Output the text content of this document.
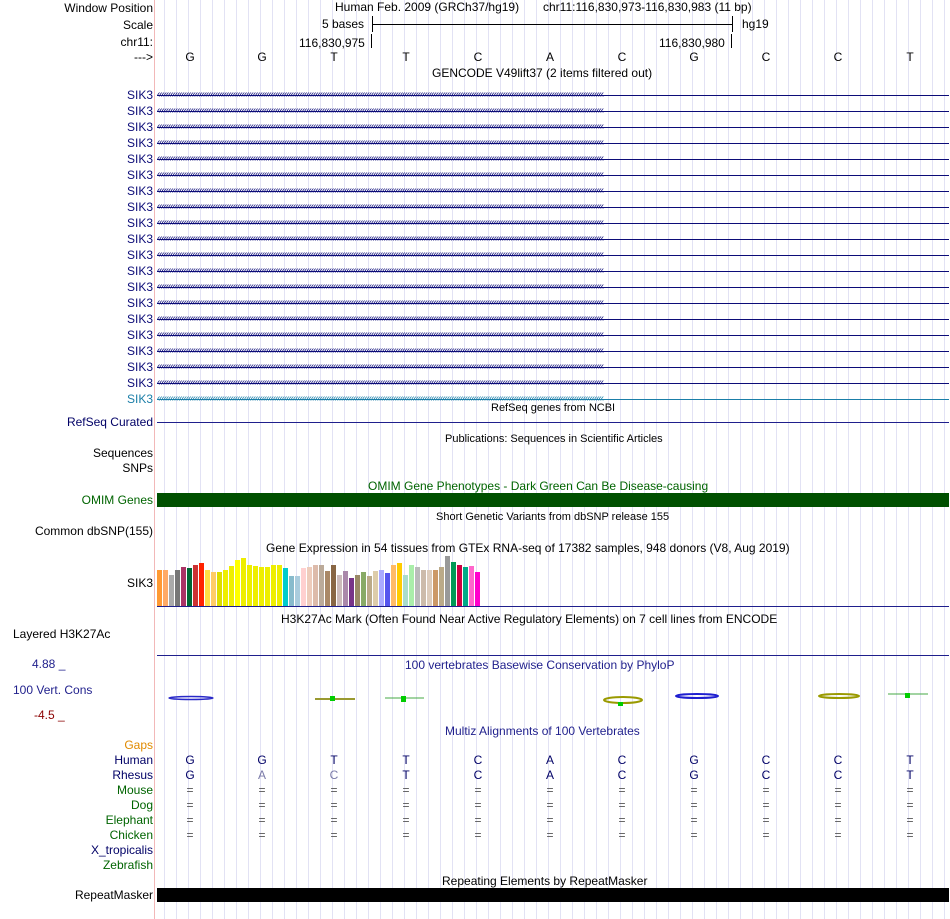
Window Position
Scale
chr11:
--->
Human Feb. 2009 (GRCh37/hg19) chr11:116,830,973-116,830,983 (11 bp)
5 bases	hg19
116,830,975	116,830,980
G	G	T	T	C	A	C	G	C	C	T
GENCODE V49lift37 (2 items filtered out)
SIK3 ‹‹‹‹‹‹‹‹‹‹‹‹‹‹‹‹‹‹‹‹‹‹‹‹‹‹‹‹‹‹‹‹‹‹‹‹‹‹‹‹‹‹‹‹‹‹‹‹‹‹‹‹‹‹‹‹‹‹‹‹‹‹‹‹‹‹‹‹‹‹‹‹‹‹‹‹‹‹‹‹‹‹‹‹‹‹‹‹‹‹‹‹‹‹‹‹‹‹‹‹‹‹‹‹‹‹‹‹‹‹‹‹‹‹‹‹‹‹‹‹‹‹‹‹‹‹‹‹‹‹‹‹‹‹‹‹‹‹‹‹‹‹‹‹‹‹‹‹‹‹‹‹‹‹‹‹‹‹‹‹‹‹‹‹‹‹‹‹‹‹‹‹‹‹‹‹‹‹‹‹‹‹‹‹‹‹‹‹‹‹‹‹‹‹‹‹‹‹‹‹
SIK3 ‹‹‹‹‹‹‹‹‹‹‹‹‹‹‹‹‹‹‹‹‹‹‹‹‹‹‹‹‹‹‹‹‹‹‹‹‹‹‹‹‹‹‹‹‹‹‹‹‹‹‹‹‹‹‹‹‹‹‹‹‹‹‹‹‹‹‹‹‹‹‹‹‹‹‹‹‹‹‹‹‹‹‹‹‹‹‹‹‹‹‹‹‹‹‹‹‹‹‹‹‹‹‹‹‹‹‹‹‹‹‹‹‹‹‹‹‹‹‹‹‹‹‹‹‹‹‹‹‹‹‹‹‹‹‹‹‹‹‹‹‹‹‹‹‹‹‹‹‹‹‹‹‹‹‹‹‹‹‹‹‹‹‹‹‹‹‹‹‹‹‹‹‹‹‹‹‹‹‹‹‹‹‹‹‹‹‹‹‹‹‹‹‹‹‹‹‹‹‹‹
SIK3 ‹‹‹‹‹‹‹‹‹‹‹‹‹‹‹‹‹‹‹‹‹‹‹‹‹‹‹‹‹‹‹‹‹‹‹‹‹‹‹‹‹‹‹‹‹‹‹‹‹‹‹‹‹‹‹‹‹‹‹‹‹‹‹‹‹‹‹‹‹‹‹‹‹‹‹‹‹‹‹‹‹‹‹‹‹‹‹‹‹‹‹‹‹‹‹‹‹‹‹‹‹‹‹‹‹‹‹‹‹‹‹‹‹‹‹‹‹‹‹‹‹‹‹‹‹‹‹‹‹‹‹‹‹‹‹‹‹‹‹‹‹‹‹‹‹‹‹‹‹‹‹‹‹‹‹‹‹‹‹‹‹‹‹‹‹‹‹‹‹‹‹‹‹‹‹‹‹‹‹‹‹‹‹‹‹‹‹‹‹‹‹‹‹‹‹‹‹‹‹‹
SIK3 ‹‹‹‹‹‹‹‹‹‹‹‹‹‹‹‹‹‹‹‹‹‹‹‹‹‹‹‹‹‹‹‹‹‹‹‹‹‹‹‹‹‹‹‹‹‹‹‹‹‹‹‹‹‹‹‹‹‹‹‹‹‹‹‹‹‹‹‹‹‹‹‹‹‹‹‹‹‹‹‹‹‹‹‹‹‹‹‹‹‹‹‹‹‹‹‹‹‹‹‹‹‹‹‹‹‹‹‹‹‹‹‹‹‹‹‹‹‹‹‹‹‹‹‹‹‹‹‹‹‹‹‹‹‹‹‹‹‹‹‹‹‹‹‹‹‹‹‹‹‹‹‹‹‹‹‹‹‹‹‹‹‹‹‹‹‹‹‹‹‹‹‹‹‹‹‹‹‹‹‹‹‹‹‹‹‹‹‹‹‹‹‹‹‹‹‹‹‹‹‹
SIK3 ‹‹‹‹‹‹‹‹‹‹‹‹‹‹‹‹‹‹‹‹‹‹‹‹‹‹‹‹‹‹‹‹‹‹‹‹‹‹‹‹‹‹‹‹‹‹‹‹‹‹‹‹‹‹‹‹‹‹‹‹‹‹‹‹‹‹‹‹‹‹‹‹‹‹‹‹‹‹‹‹‹‹‹‹‹‹‹‹‹‹‹‹‹‹‹‹‹‹‹‹‹‹‹‹‹‹‹‹‹‹‹‹‹‹‹‹‹‹‹‹‹‹‹‹‹‹‹‹‹‹‹‹‹‹‹‹‹‹‹‹‹‹‹‹‹‹‹‹‹‹‹‹‹‹‹‹‹‹‹‹‹‹‹‹‹‹‹‹‹‹‹‹‹‹‹‹‹‹‹‹‹‹‹‹‹‹‹‹‹‹‹‹‹‹‹‹‹‹‹‹
SIK3 ‹‹‹‹‹‹‹‹‹‹‹‹‹‹‹‹‹‹‹‹‹‹‹‹‹‹‹‹‹‹‹‹‹‹‹‹‹‹‹‹‹‹‹‹‹‹‹‹‹‹‹‹‹‹‹‹‹‹‹‹‹‹‹‹‹‹‹‹‹‹‹‹‹‹‹‹‹‹‹‹‹‹‹‹‹‹‹‹‹‹‹‹‹‹‹‹‹‹‹‹‹‹‹‹‹‹‹‹‹‹‹‹‹‹‹‹‹‹‹‹‹‹‹‹‹‹‹‹‹‹‹‹‹‹‹‹‹‹‹‹‹‹‹‹‹‹‹‹‹‹‹‹‹‹‹‹‹‹‹‹‹‹‹‹‹‹‹‹‹‹‹‹‹‹‹‹‹‹‹‹‹‹‹‹‹‹‹‹‹‹‹‹‹‹‹‹‹‹‹‹
SIK3 ‹‹‹‹‹‹‹‹‹‹‹‹‹‹‹‹‹‹‹‹‹‹‹‹‹‹‹‹‹‹‹‹‹‹‹‹‹‹‹‹‹‹‹‹‹‹‹‹‹‹‹‹‹‹‹‹‹‹‹‹‹‹‹‹‹‹‹‹‹‹‹‹‹‹‹‹‹‹‹‹‹‹‹‹‹‹‹‹‹‹‹‹‹‹‹‹‹‹‹‹‹‹‹‹‹‹‹‹‹‹‹‹‹‹‹‹‹‹‹‹‹‹‹‹‹‹‹‹‹‹‹‹‹‹‹‹‹‹‹‹‹‹‹‹‹‹‹‹‹‹‹‹‹‹‹‹‹‹‹‹‹‹‹‹‹‹‹‹‹‹‹‹‹‹‹‹‹‹‹‹‹‹‹‹‹‹‹‹‹‹‹‹‹‹‹‹‹‹‹‹
SIK3 ‹‹‹‹‹‹‹‹‹‹‹‹‹‹‹‹‹‹‹‹‹‹‹‹‹‹‹‹‹‹‹‹‹‹‹‹‹‹‹‹‹‹‹‹‹‹‹‹‹‹‹‹‹‹‹‹‹‹‹‹‹‹‹‹‹‹‹‹‹‹‹‹‹‹‹‹‹‹‹‹‹‹‹‹‹‹‹‹‹‹‹‹‹‹‹‹‹‹‹‹‹‹‹‹‹‹‹‹‹‹‹‹‹‹‹‹‹‹‹‹‹‹‹‹‹‹‹‹‹‹‹‹‹‹‹‹‹‹‹‹‹‹‹‹‹‹‹‹‹‹‹‹‹‹‹‹‹‹‹‹‹‹‹‹‹‹‹‹‹‹‹‹‹‹‹‹‹‹‹‹‹‹‹‹‹‹‹‹‹‹‹‹‹‹‹‹‹‹‹‹
SIK3 ‹‹‹‹‹‹‹‹‹‹‹‹‹‹‹‹‹‹‹‹‹‹‹‹‹‹‹‹‹‹‹‹‹‹‹‹‹‹‹‹‹‹‹‹‹‹‹‹‹‹‹‹‹‹‹‹‹‹‹‹‹‹‹‹‹‹‹‹‹‹‹‹‹‹‹‹‹‹‹‹‹‹‹‹‹‹‹‹‹‹‹‹‹‹‹‹‹‹‹‹‹‹‹‹‹‹‹‹‹‹‹‹‹‹‹‹‹‹‹‹‹‹‹‹‹‹‹‹‹‹‹‹‹‹‹‹‹‹‹‹‹‹‹‹‹‹‹‹‹‹‹‹‹‹‹‹‹‹‹‹‹‹‹‹‹‹‹‹‹‹‹‹‹‹‹‹‹‹‹‹‹‹‹‹‹‹‹‹‹‹‹‹‹‹‹‹‹‹‹‹
SIK3 ‹‹‹‹‹‹‹‹‹‹‹‹‹‹‹‹‹‹‹‹‹‹‹‹‹‹‹‹‹‹‹‹‹‹‹‹‹‹‹‹‹‹‹‹‹‹‹‹‹‹‹‹‹‹‹‹‹‹‹‹‹‹‹‹‹‹‹‹‹‹‹‹‹‹‹‹‹‹‹‹‹‹‹‹‹‹‹‹‹‹‹‹‹‹‹‹‹‹‹‹‹‹‹‹‹‹‹‹‹‹‹‹‹‹‹‹‹‹‹‹‹‹‹‹‹‹‹‹‹‹‹‹‹‹‹‹‹‹‹‹‹‹‹‹‹‹‹‹‹‹‹‹‹‹‹‹‹‹‹‹‹‹‹‹‹‹‹‹‹‹‹‹‹‹‹‹‹‹‹‹‹‹‹‹‹‹‹‹‹‹‹‹‹‹‹‹‹‹‹‹
SIK3 ‹‹‹‹‹‹‹‹‹‹‹‹‹‹‹‹‹‹‹‹‹‹‹‹‹‹‹‹‹‹‹‹‹‹‹‹‹‹‹‹‹‹‹‹‹‹‹‹‹‹‹‹‹‹‹‹‹‹‹‹‹‹‹‹‹‹‹‹‹‹‹‹‹‹‹‹‹‹‹‹‹‹‹‹‹‹‹‹‹‹‹‹‹‹‹‹‹‹‹‹‹‹‹‹‹‹‹‹‹‹‹‹‹‹‹‹‹‹‹‹‹‹‹‹‹‹‹‹‹‹‹‹‹‹‹‹‹‹‹‹‹‹‹‹‹‹‹‹‹‹‹‹‹‹‹‹‹‹‹‹‹‹‹‹‹‹‹‹‹‹‹‹‹‹‹‹‹‹‹‹‹‹‹‹‹‹‹‹‹‹‹‹‹‹‹‹‹‹‹‹
SIK3 ‹‹‹‹‹‹‹‹‹‹‹‹‹‹‹‹‹‹‹‹‹‹‹‹‹‹‹‹‹‹‹‹‹‹‹‹‹‹‹‹‹‹‹‹‹‹‹‹‹‹‹‹‹‹‹‹‹‹‹‹‹‹‹‹‹‹‹‹‹‹‹‹‹‹‹‹‹‹‹‹‹‹‹‹‹‹‹‹‹‹‹‹‹‹‹‹‹‹‹‹‹‹‹‹‹‹‹‹‹‹‹‹‹‹‹‹‹‹‹‹‹‹‹‹‹‹‹‹‹‹‹‹‹‹‹‹‹‹‹‹‹‹‹‹‹‹‹‹‹‹‹‹‹‹‹‹‹‹‹‹‹‹‹‹‹‹‹‹‹‹‹‹‹‹‹‹‹‹‹‹‹‹‹‹‹‹‹‹‹‹‹‹‹‹‹‹‹‹‹‹
SIK3 ‹‹‹‹‹‹‹‹‹‹‹‹‹‹‹‹‹‹‹‹‹‹‹‹‹‹‹‹‹‹‹‹‹‹‹‹‹‹‹‹‹‹‹‹‹‹‹‹‹‹‹‹‹‹‹‹‹‹‹‹‹‹‹‹‹‹‹‹‹‹‹‹‹‹‹‹‹‹‹‹‹‹‹‹‹‹‹‹‹‹‹‹‹‹‹‹‹‹‹‹‹‹‹‹‹‹‹‹‹‹‹‹‹‹‹‹‹‹‹‹‹‹‹‹‹‹‹‹‹‹‹‹‹‹‹‹‹‹‹‹‹‹‹‹‹‹‹‹‹‹‹‹‹‹‹‹‹‹‹‹‹‹‹‹‹‹‹‹‹‹‹‹‹‹‹‹‹‹‹‹‹‹‹‹‹‹‹‹‹‹‹‹‹‹‹‹‹‹‹‹
SIK3 ‹‹‹‹‹‹‹‹‹‹‹‹‹‹‹‹‹‹‹‹‹‹‹‹‹‹‹‹‹‹‹‹‹‹‹‹‹‹‹‹‹‹‹‹‹‹‹‹‹‹‹‹‹‹‹‹‹‹‹‹‹‹‹‹‹‹‹‹‹‹‹‹‹‹‹‹‹‹‹‹‹‹‹‹‹‹‹‹‹‹‹‹‹‹‹‹‹‹‹‹‹‹‹‹‹‹‹‹‹‹‹‹‹‹‹‹‹‹‹‹‹‹‹‹‹‹‹‹‹‹‹‹‹‹‹‹‹‹‹‹‹‹‹‹‹‹‹‹‹‹‹‹‹‹‹‹‹‹‹‹‹‹‹‹‹‹‹‹‹‹‹‹‹‹‹‹‹‹‹‹‹‹‹‹‹‹‹‹‹‹‹‹‹‹‹‹‹‹‹‹
SIK3 ‹‹‹‹‹‹‹‹‹‹‹‹‹‹‹‹‹‹‹‹‹‹‹‹‹‹‹‹‹‹‹‹‹‹‹‹‹‹‹‹‹‹‹‹‹‹‹‹‹‹‹‹‹‹‹‹‹‹‹‹‹‹‹‹‹‹‹‹‹‹‹‹‹‹‹‹‹‹‹‹‹‹‹‹‹‹‹‹‹‹‹‹‹‹‹‹‹‹‹‹‹‹‹‹‹‹‹‹‹‹‹‹‹‹‹‹‹‹‹‹‹‹‹‹‹‹‹‹‹‹‹‹‹‹‹‹‹‹‹‹‹‹‹‹‹‹‹‹‹‹‹‹‹‹‹‹‹‹‹‹‹‹‹‹‹‹‹‹‹‹‹‹‹‹‹‹‹‹‹‹‹‹‹‹‹‹‹‹‹‹‹‹‹‹‹‹‹‹‹‹
SIK3 ‹‹‹‹‹‹‹‹‹‹‹‹‹‹‹‹‹‹‹‹‹‹‹‹‹‹‹‹‹‹‹‹‹‹‹‹‹‹‹‹‹‹‹‹‹‹‹‹‹‹‹‹‹‹‹‹‹‹‹‹‹‹‹‹‹‹‹‹‹‹‹‹‹‹‹‹‹‹‹‹‹‹‹‹‹‹‹‹‹‹‹‹‹‹‹‹‹‹‹‹‹‹‹‹‹‹‹‹‹‹‹‹‹‹‹‹‹‹‹‹‹‹‹‹‹‹‹‹‹‹‹‹‹‹‹‹‹‹‹‹‹‹‹‹‹‹‹‹‹‹‹‹‹‹‹‹‹‹‹‹‹‹‹‹‹‹‹‹‹‹‹‹‹‹‹‹‹‹‹‹‹‹‹‹‹‹‹‹‹‹‹‹‹‹‹‹‹‹‹‹
SIK3 ‹‹‹‹‹‹‹‹‹‹‹‹‹‹‹‹‹‹‹‹‹‹‹‹‹‹‹‹‹‹‹‹‹‹‹‹‹‹‹‹‹‹‹‹‹‹‹‹‹‹‹‹‹‹‹‹‹‹‹‹‹‹‹‹‹‹‹‹‹‹‹‹‹‹‹‹‹‹‹‹‹‹‹‹‹‹‹‹‹‹‹‹‹‹‹‹‹‹‹‹‹‹‹‹‹‹‹‹‹‹‹‹‹‹‹‹‹‹‹‹‹‹‹‹‹‹‹‹‹‹‹‹‹‹‹‹‹‹‹‹‹‹‹‹‹‹‹‹‹‹‹‹‹‹‹‹‹‹‹‹‹‹‹‹‹‹‹‹‹‹‹‹‹‹‹‹‹‹‹‹‹‹‹‹‹‹‹‹‹‹‹‹‹‹‹‹‹‹‹‹
SIK3 ‹‹‹‹‹‹‹‹‹‹‹‹‹‹‹‹‹‹‹‹‹‹‹‹‹‹‹‹‹‹‹‹‹‹‹‹‹‹‹‹‹‹‹‹‹‹‹‹‹‹‹‹‹‹‹‹‹‹‹‹‹‹‹‹‹‹‹‹‹‹‹‹‹‹‹‹‹‹‹‹‹‹‹‹‹‹‹‹‹‹‹‹‹‹‹‹‹‹‹‹‹‹‹‹‹‹‹‹‹‹‹‹‹‹‹‹‹‹‹‹‹‹‹‹‹‹‹‹‹‹‹‹‹‹‹‹‹‹‹‹‹‹‹‹‹‹‹‹‹‹‹‹‹‹‹‹‹‹‹‹‹‹‹‹‹‹‹‹‹‹‹‹‹‹‹‹‹‹‹‹‹‹‹‹‹‹‹‹‹‹‹‹‹‹‹‹‹‹‹‹
SIK3 ‹‹‹‹‹‹‹‹‹‹‹‹‹‹‹‹‹‹‹‹‹‹‹‹‹‹‹‹‹‹‹‹‹‹‹‹‹‹‹‹‹‹‹‹‹‹‹‹‹‹‹‹‹‹‹‹‹‹‹‹‹‹‹‹‹‹‹‹‹‹‹‹‹‹‹‹‹‹‹‹‹‹‹‹‹‹‹‹‹‹‹‹‹‹‹‹‹‹‹‹‹‹‹‹‹‹‹‹‹‹‹‹‹‹‹‹‹‹‹‹‹‹‹‹‹‹‹‹‹‹‹‹‹‹‹‹‹‹‹‹‹‹‹‹‹‹‹‹‹‹‹‹‹‹‹‹‹‹‹‹‹‹‹‹‹‹‹‹‹‹‹‹‹‹‹‹‹‹‹‹‹‹‹‹‹‹‹‹‹‹‹‹‹‹‹‹‹‹‹‹
SIK3 ‹‹‹‹‹‹‹‹‹‹‹‹‹‹‹‹‹‹‹‹‹‹‹‹‹‹‹‹‹‹‹‹‹‹‹‹‹‹‹‹‹‹‹‹‹‹‹‹‹‹‹‹‹‹‹‹‹‹‹‹‹‹‹‹‹‹‹‹‹‹‹‹‹‹‹‹‹‹‹‹‹‹‹‹‹‹‹‹‹‹‹‹‹‹‹‹‹‹‹‹‹‹‹‹‹‹‹‹‹‹‹‹‹‹‹‹‹‹‹‹‹‹‹‹‹‹‹‹‹‹‹‹‹‹‹‹‹‹‹‹‹‹‹‹‹‹‹‹‹‹‹‹‹‹‹‹‹‹‹‹‹‹‹‹‹‹‹‹‹‹‹‹‹‹‹‹‹‹‹‹‹‹‹‹‹‹‹‹‹‹‹‹‹‹‹‹‹‹‹‹
RefSeq genes from NCBI
RefSeq Curated
Publications: Sequences in Scientific Articles
Sequences
SNPs
OMIM Gene Phenotypes - Dark Green Can Be Disease-causing
OMIM Genes
Short Genetic Variants from dbSNP release 155
Common dbSNP(155)
Gene Expression in 54 tissues from GTEx RNA-seq of 17382 samples, 948 donors (V8, Aug 2019)
SIK3
H3K27Ac Mark (Often Found Near Active Regulatory Elements) on 7 cell lines from ENCODE
Layered H3K27Ac
100 vertebrates Basewise Conservation by PhyloP
4.88 _
100 Vert. Cons
-4.5 _
Multiz Alignments of 100 Vertebrates
Gaps
Human	G	G	T	T	C	A	C	G	C	C	T
Rhesus	G	A	C	T	C	A	C	G	C	C	T
Mouse	=	=	=	=	=	=	=	=	=	=	=
Dog	=	=	=	=	=	=	=	=	=	=	=
Elephant	=	=	=	=	=	=	=	=	=	=	=
Chicken	=	=	=	=	=	=	=	=	=	=	=
X_tropicalis
Zebrafish
Repeating Elements by RepeatMasker
RepeatMasker
